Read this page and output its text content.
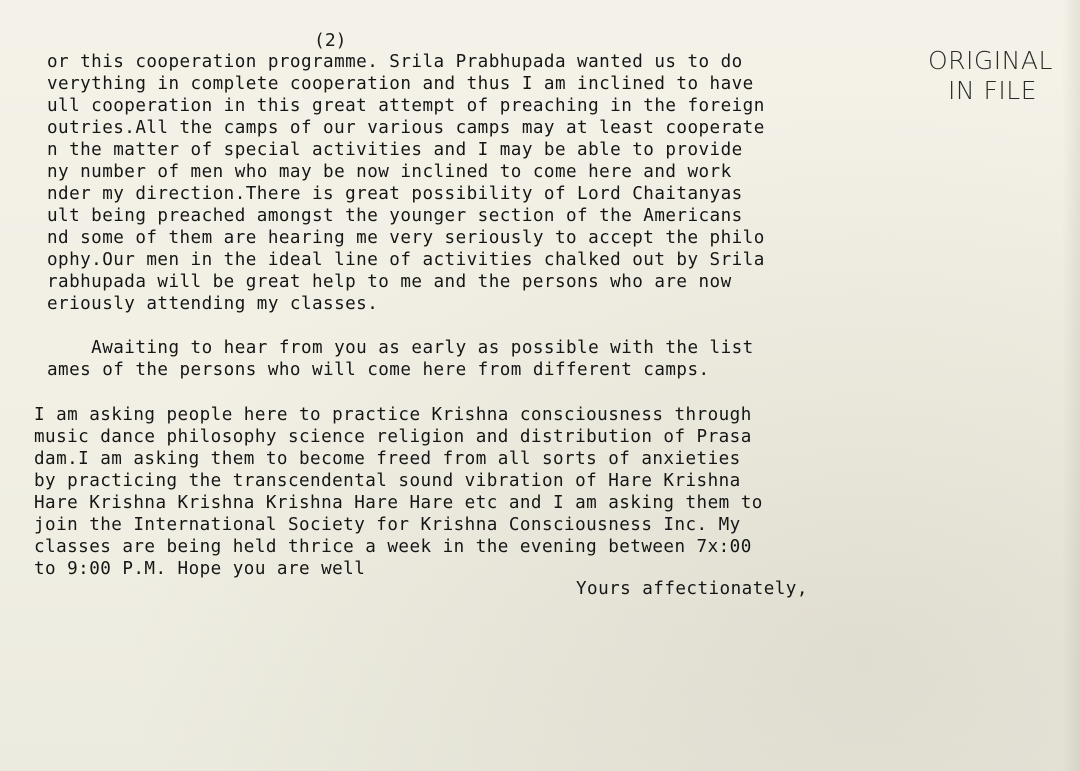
(2)
ORIGINAL
IN FILE
or this cooperation programme. Srila Prabhupada wanted us to do
verything in complete cooperation and thus I am inclined to have
ull cooperation in this great attempt of preaching in the foreign
outries.All the camps of our various camps may at least cooperate
n the matter of special activities and I may be able to provide
ny number of men who may be now inclined to come here and work
nder my direction.There is great possibility of Lord Chaitanyas
ult being preached amongst the younger section of the Americans
nd some of them are hearing me very seriously to accept the philo
ophy.Our men in the ideal line of activities chalked out by Srila
rabhupada will be great help to me and the persons who are now
eriously attending my classes.
Awaiting to hear from you as early as possible with the list
ames of the persons who will come here from different camps.
I am asking people here to practice Krishna consciousness through
music dance philosophy science religion and distribution of Prasa
dam.I am asking them to become freed from all sorts of anxieties
by practicing the transcendental sound vibration of Hare Krishna
Hare Krishna Krishna Krishna Hare Hare etc and I am asking them to
join the International Society for Krishna Consciousness Inc. My
classes are being held thrice a week in the evening between 7x:00
to 9:00 P.M. Hope you are well
Yours affectionately,
